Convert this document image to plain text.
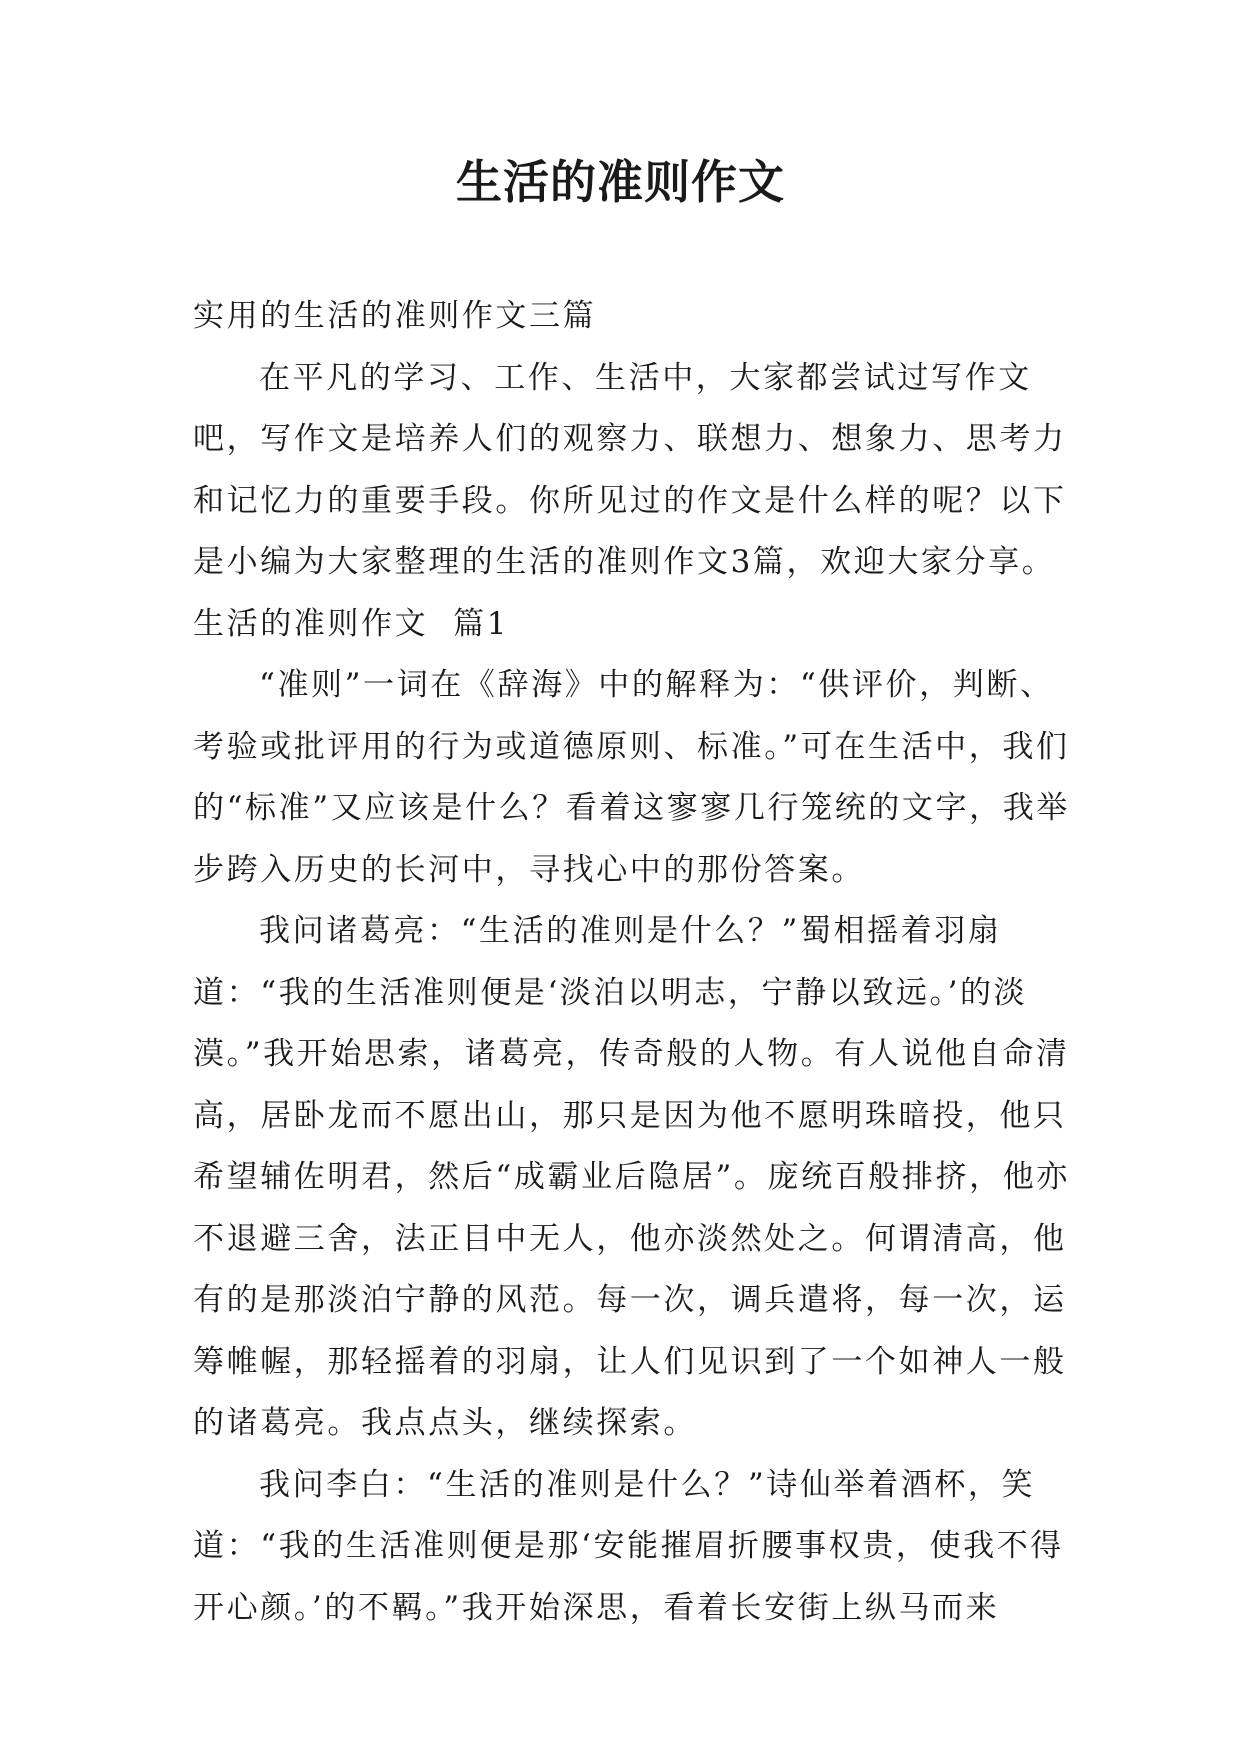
生活的准则作文

实用的生活的准则作文三篇

在平凡的学习、工作、生活中，大家都尝试过写作文吧，写作文是培养人们的观察力、联想力、想象力、思考力和记忆力的重要手段。你所见过的作文是什么样的呢？以下是小编为大家整理的生活的准则作文3篇，欢迎大家分享。

生活的准则作文  篇1

“准则”一词在《辞海》中的解释为：“供评价，判断、考验或批评用的行为或道德原则、标准。”可在生活中，我们的“标准”又应该是什么？看着这寥寥几行笼统的文字，我举步跨入历史的长河中，寻找心中的那份答案。

我问诸葛亮：“生活的准则是什么？”蜀相摇着羽扇道：“我的生活准则便是‘淡泊以明志，宁静以致远。’的淡漠。”我开始思索，诸葛亮，传奇般的人物。有人说他自命清高，居卧龙而不愿出山，那只是因为他不愿明珠暗投，他只希望辅佐明君，然后“成霸业后隐居”。庞统百般排挤，他亦不退避三舍，法正目中无人，他亦淡然处之。何谓清高，他有的是那淡泊宁静的风范。每一次，调兵遣将，每一次，运筹帷幄，那轻摇着的羽扇，让人们见识到了一个如神人一般的诸葛亮。我点点头，继续探索。

我问李白：“生活的准则是什么？”诗仙举着酒杯，笑道：“我的生活准则便是那‘安能摧眉折腰事权贵，使我不得开心颜。’的不羁。”我开始深思，看着长安街上纵马而来
